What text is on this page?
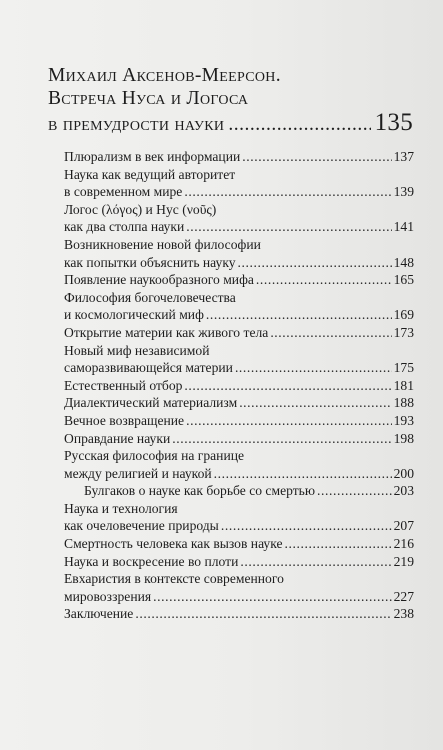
Михаил Аксенов-Меерсон.
Встреча Нуса и Логоса
в премудрости науки .....	135
Плюрализм в век информации .....	137
Наука как ведущий авторитет
в современном мире .....	139
Логос (λόγος) и Нус (νοῦς)
как два столпа науки .....	141
Возникновение новой философии
как попытки объяснить науку .....	148
Появление наукообразного мифа .....	165
Философия богочеловечества
и космологический миф .....	169
Открытие материи как живого тела .....	173
Новый миф независимой
саморазвивающейся материи .....	175
Естественный отбор .....	181
Диалектический материализм .....	188
Вечное возвращение .....	193
Оправдание науки .....	198
Русская философия на границе
между религией и наукой .....	200
Булгаков о науке как борьбе со смертью .....	203
Наука и технология
как очеловечение природы .....	207
Смертность человека как вызов науке .....	216
Наука и воскресение во плоти .....	219
Евхаристия в контексте современного
мировоззрения .....	227
Заключение .....	238
